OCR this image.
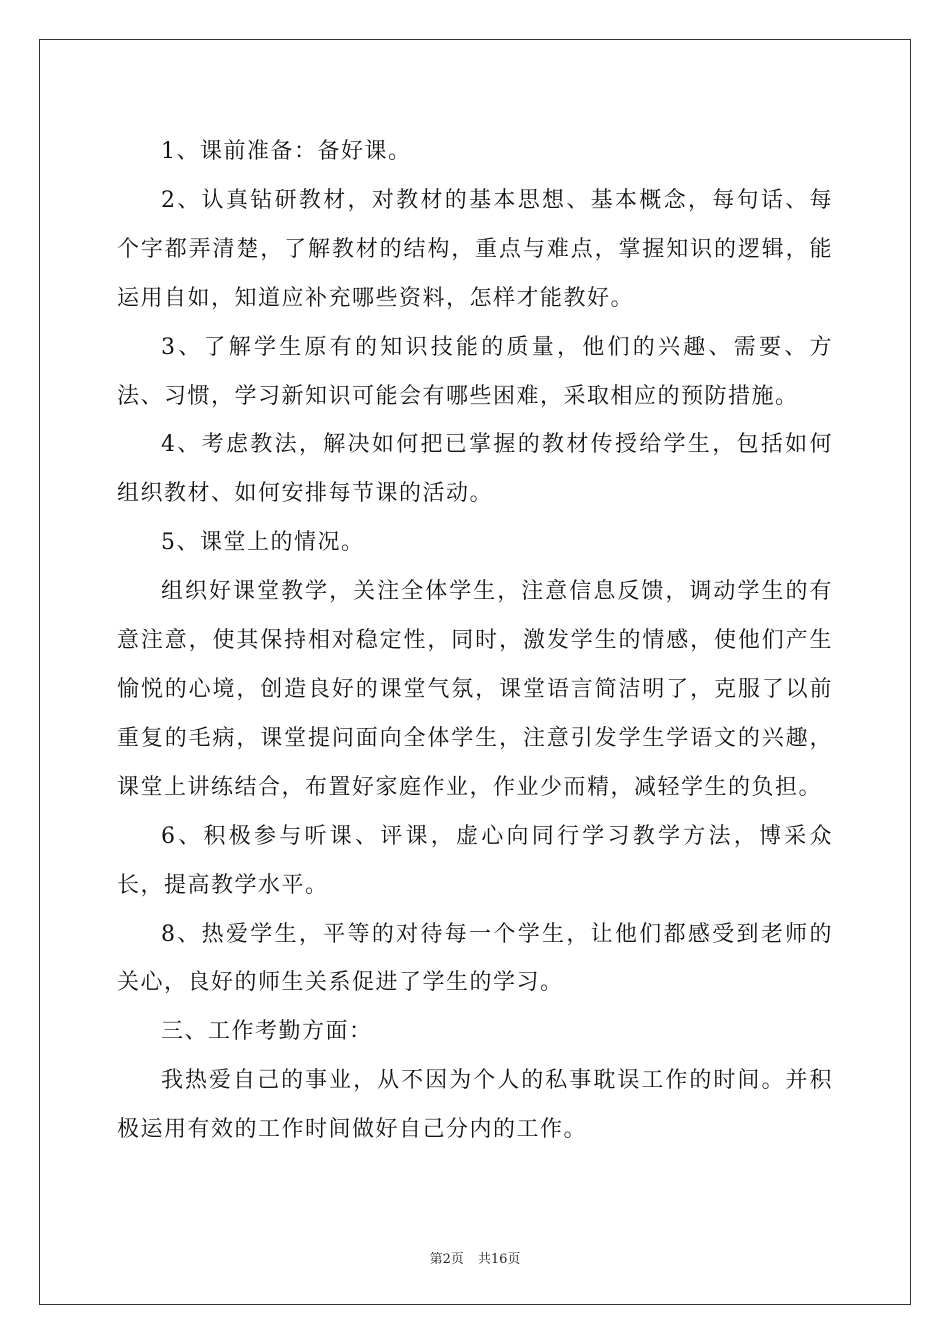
1、课前准备：备好课。

2、认真钻研教材，对教材的基本思想、基本概念，每句话、每个字都弄清楚，了解教材的结构，重点与难点，掌握知识的逻辑，能运用自如，知道应补充哪些资料，怎样才能教好。

3、了解学生原有的知识技能的质量，他们的兴趣、需要、方法、习惯，学习新知识可能会有哪些困难，采取相应的预防措施。

4、考虑教法，解决如何把已掌握的教材传授给学生，包括如何组织教材、如何安排每节课的活动。

5、课堂上的情况。

组织好课堂教学，关注全体学生，注意信息反馈，调动学生的有意注意，使其保持相对稳定性，同时，激发学生的情感，使他们产生愉悦的心境，创造良好的课堂气氛，课堂语言简洁明了，克服了以前重复的毛病，课堂提问面向全体学生，注意引发学生学语文的兴趣，课堂上讲练结合，布置好家庭作业，作业少而精，减轻学生的负担。

6、积极参与听课、评课，虚心向同行学习教学方法，博采众长，提高教学水平。

8、热爱学生，平等的对待每一个学生，让他们都感受到老师的关心，良好的师生关系促进了学生的学习。

三、工作考勤方面：

我热爱自己的事业，从不因为个人的私事耽误工作的时间。并积极运用有效的工作时间做好自己分内的工作。

第2页 共16页
